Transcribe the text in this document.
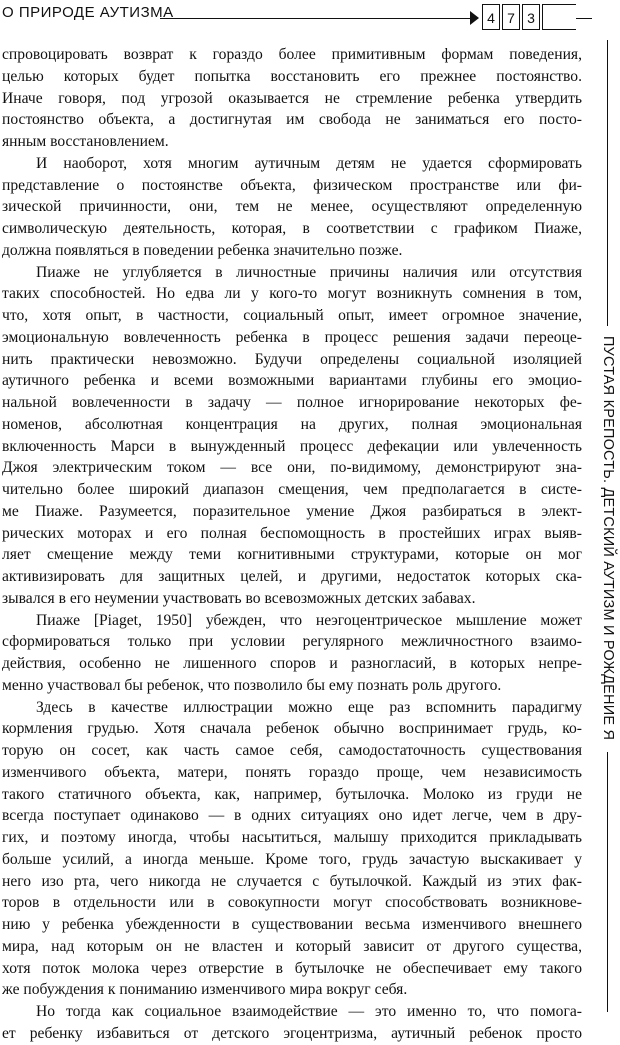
О ПРИРОДЕ АУТИЗМА	4 7 3
спровоцировать возврат к гораздо более примитивным формам поведения,
целью которых будет попытка восстановить его прежнее постоянство.
Иначе говоря, под угрозой оказывается не стремление ребенка утвердить
постоянство объекта, а достигнутая им свобода не заниматься его посто-
янным восстановлением.
И наоборот, хотя многим аутичным детям не удается сформировать
представление о постоянстве объекта, физическом пространстве или фи-
зической причинности, они, тем не менее, осуществляют определенную
символическую деятельность, которая, в соответствии с графиком Пиаже,
должна появляться в поведении ребенка значительно позже.
Пиаже не углубляется в личностные причины наличия или отсутствия
таких способностей. Но едва ли у кого-то могут возникнуть сомнения в том,
что, хотя опыт, в частности, социальный опыт, имеет огромное значение,
эмоциональную вовлеченность ребенка в процесс решения задачи переоце-
нить практически невозможно. Будучи определены социальной изоляцией
аутичного ребенка и всеми возможными вариантами глубины его эмоцио-
нальной вовлеченности в задачу — полное игнорирование некоторых фе-
номенов, абсолютная концентрация на других, полная эмоциональная
включенность Марси в вынужденный процесс дефекации или увлеченность
Джоя электрическим током — все они, по-видимому, демонстрируют зна-
чительно более широкий диапазон смещения, чем предполагается в систе-
ме Пиаже. Разумеется, поразительное умение Джоя разбираться в элект-
рических моторах и его полная беспомощность в простейших играх выяв-
ляет смещение между теми когнитивными структурами, которые он мог
активизировать для защитных целей, и другими, недостаток которых ска-
зывался в его неумении участвовать во всевозможных детских забавах.
Пиаже [Piaget, 1950] убежден, что неэгоцентрическое мышление может
сформироваться только при условии регулярного межличностного взаимо-
действия, особенно не лишенного споров и разногласий, в которых непре-
менно участвовал бы ребенок, что позволило бы ему познать роль другого.
Здесь в качестве иллюстрации можно еще раз вспомнить парадигму
кормления грудью. Хотя сначала ребенок обычно воспринимает грудь, ко-
торую он сосет, как часть самое себя, самодостаточность существования
изменчивого объекта, матери, понять гораздо проще, чем независимость
такого статичного объекта, как, например, бутылочка. Молоко из груди не
всегда поступает одинаково — в одних ситуациях оно идет легче, чем в дру-
гих, и поэтому иногда, чтобы насытиться, малышу приходится прикладывать
больше усилий, а иногда меньше. Кроме того, грудь зачастую выскакивает у
него изо рта, чего никогда не случается с бутылочкой. Каждый из этих фак-
торов в отдельности или в совокупности могут способствовать возникнове-
нию у ребенка убежденности в существовании весьма изменчивого внешнего
мира, над которым он не властен и который зависит от другого существа,
хотя поток молока через отверстие в бутылочке не обеспечивает ему такого
же побуждения к пониманию изменчивого мира вокруг себя.
Но тогда как социальное взаимодействие — это именно то, что помога-
ет ребенку избавиться от детского эгоцентризма, аутичный ребенок просто
ПУСТАЯ КРЕПОСТЬ. ДЕТСКИЙ АУТИЗМ И РОЖДЕНИЕ Я
